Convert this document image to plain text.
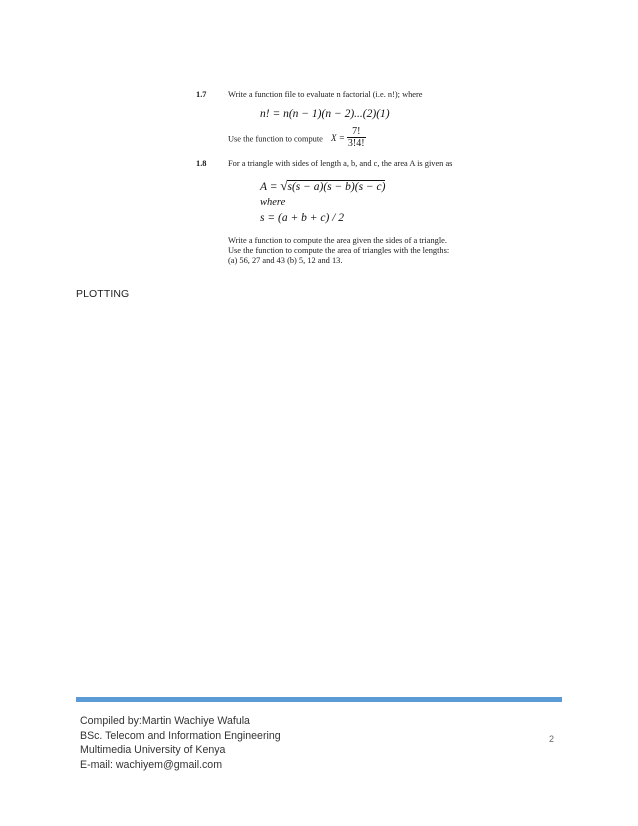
1.7	Write a function file to evaluate n factorial (i.e. n!); where
n! = n(n − 1)(n − 2)...(2)(1)
Use the function to compute $X = \frac{7!}{3!4!}$
1.8	For a triangle with sides of length a, b, and c, the area A is given as
A = √s(s − a)(s − b)(s − c)
where
s = (a + b + c) / 2
Write a function to compute the area given the sides of a triangle.
Use the function to compute the area of triangles with the lengths:
(a) 56, 27 and 43 (b) 5, 12 and 13.
PLOTTING
Compiled by:Martin Wachiye Wafula
BSc. Telecom and Information Engineering
Multimedia University of Kenya
E-mail: wachiyem@gmail.com
2
